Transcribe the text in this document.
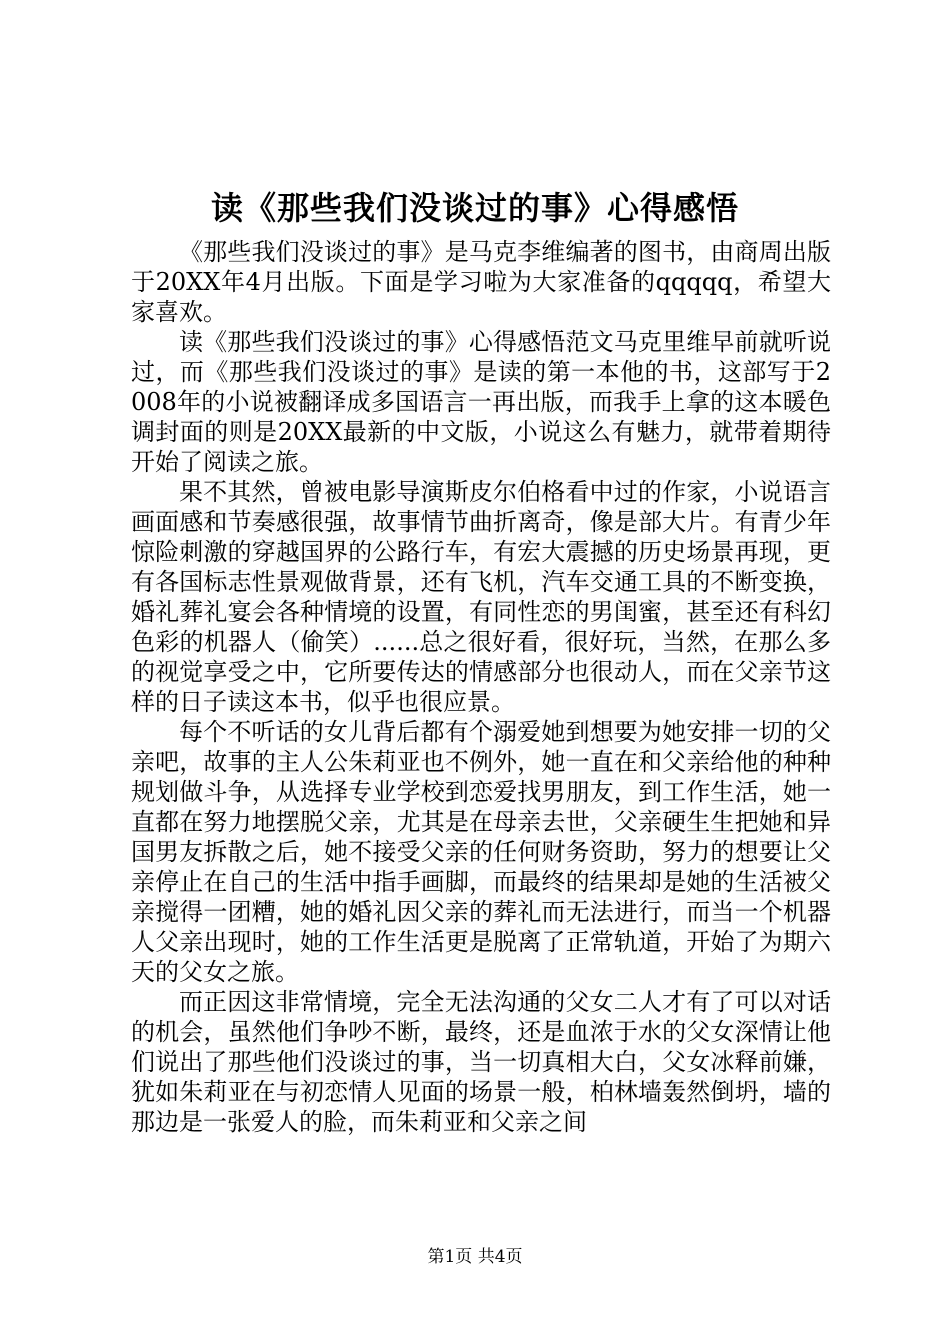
读《那些我们没谈过的事》心得感悟

《那些我们没谈过的事》是马克李维编著的图书，由商周出版于20XX年4月出版。下面是学习啦为大家准备的qqqqq，希望大家喜欢。

读《那些我们没谈过的事》心得感悟范文马克里维早前就听说过，而《那些我们没谈过的事》是读的第一本他的书，这部写于2008年的小说被翻译成多国语言一再出版，而我手上拿的这本暖色调封面的则是20XX最新的中文版，小说这么有魅力，就带着期待开始了阅读之旅。

果不其然，曾被电影导演斯皮尔伯格看中过的作家，小说语言画面感和节奏感很强，故事情节曲折离奇，像是部大片。有青少年惊险刺激的穿越国界的公路行车，有宏大震撼的历史场景再现，更有各国标志性景观做背景，还有飞机，汽车交通工具的不断变换，婚礼葬礼宴会各种情境的设置，有同性恋的男闺蜜，甚至还有科幻色彩的机器人（偷笑）......总之很好看，很好玩，当然，在那么多的视觉享受之中，它所要传达的情感部分也很动人，而在父亲节这样的日子读这本书，似乎也很应景。

每个不听话的女儿背后都有个溺爱她到想要为她安排一切的父亲吧，故事的主人公朱莉亚也不例外，她一直在和父亲给他的种种规划做斗争，从选择专业学校到恋爱找男朋友，到工作生活，她一直都在努力地摆脱父亲，尤其是在母亲去世，父亲硬生生把她和异国男友拆散之后，她不接受父亲的任何财务资助，努力的想要让父亲停止在自己的生活中指手画脚，而最终的结果却是她的生活被父亲搅得一团糟，她的婚礼因父亲的葬礼而无法进行，而当一个机器人父亲出现时，她的工作生活更是脱离了正常轨道，开始了为期六天的父女之旅。

而正因这非常情境，完全无法沟通的父女二人才有了可以对话的机会，虽然他们争吵不断，最终，还是血浓于水的父女深情让他们说出了那些他们没谈过的事，当一切真相大白，父女冰释前嫌，犹如朱莉亚在与初恋情人见面的场景一般，柏林墙轰然倒坍，墙的那边是一张爱人的脸，而朱莉亚和父亲之间

第1页 共4页
